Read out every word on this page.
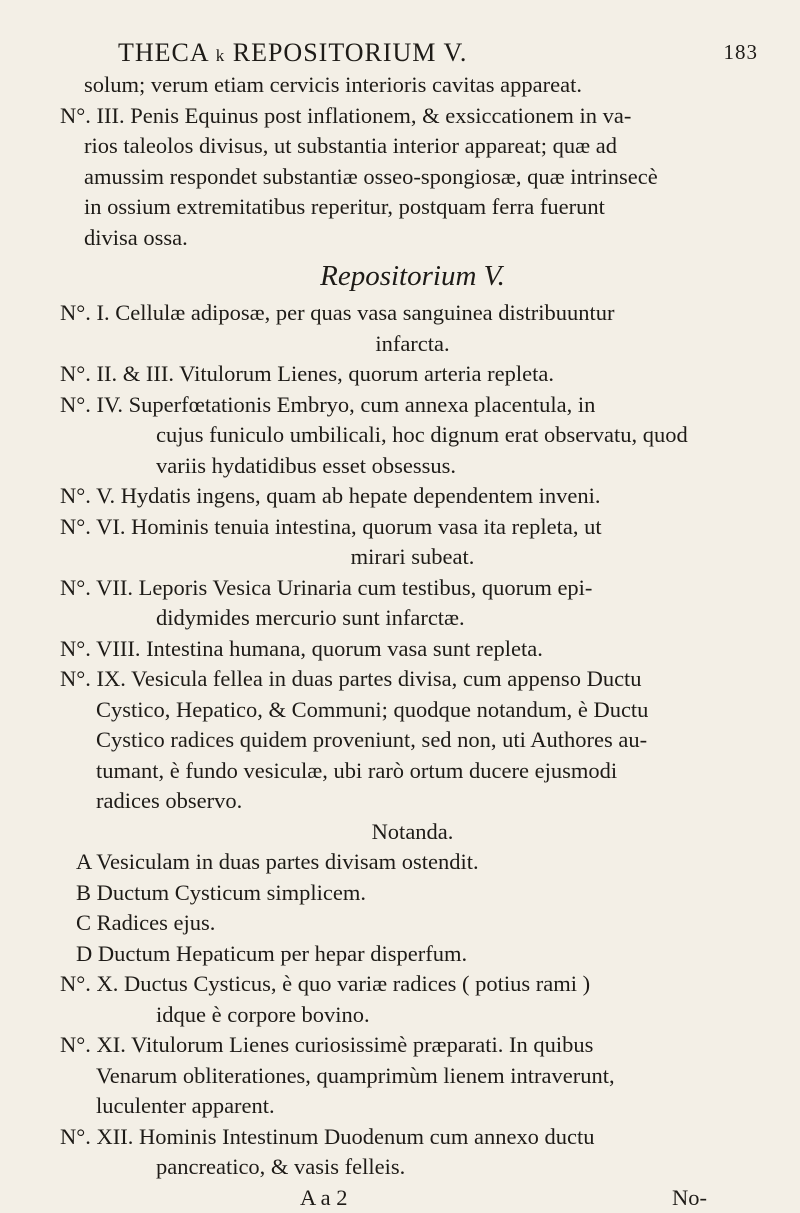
THECA k REPOSITORIUM V.	183

solum; verum etiam cervicis interioris cavitas appareat.

N°. III. Penis Equinus post inflationem, & exsiccationem in va-

rios taleolos divisus, ut substantia interior appareat; quæ ad

amussim respondet substantiæ osseo-spongiosæ, quæ intrinsecè

in ossium extremitatibus reperitur, postquam ferra fuerunt

divisa ossa.

Repositorium V.

N°. I. Cellulæ adiposæ, per quas vasa sanguinea distribuuntur

infarcta.

N°. II. & III. Vitulorum Lienes, quorum arteria repleta.

N°. IV. Superfœtationis Embryo, cum annexa placentula, in

cujus funiculo umbilicali, hoc dignum erat observatu, quod

variis hydatidibus esset obsessus.

N°. V. Hydatis ingens, quam ab hepate dependentem inveni.

N°. VI. Hominis tenuia intestina, quorum vasa ita repleta, ut

mirari subeat.

N°. VII. Leporis Vesica Urinaria cum testibus, quorum epi-

didymides mercurio sunt infarctæ.

N°. VIII. Intestina humana, quorum vasa sunt repleta.

N°. IX. Vesicula fellea in duas partes divisa, cum appenso Ductu

Cystico, Hepatico, & Communi; quodque notandum, è Ductu

Cystico radices quidem proveniunt, sed non, uti Authores au-

tumant, è fundo vesiculæ, ubi rarò ortum ducere ejusmodi

radices observo.

Notanda.

A Vesiculam in duas partes divisam ostendit.

B Ductum Cysticum simplicem.

C Radices ejus.

D Ductum Hepaticum per hepar disperfum.

N°. X. Ductus Cysticus, è quo variæ radices ( potius rami )

idque è corpore bovino.

N°. XI. Vitulorum Lienes curiosissimè præparati. In quibus

Venarum obliterationes, quamprimùm lienem intraverunt,

luculenter apparent.

N°. XII. Hominis Intestinum Duodenum cum annexo ductu

pancreatico, & vasis felleis.

A a 2	No-
